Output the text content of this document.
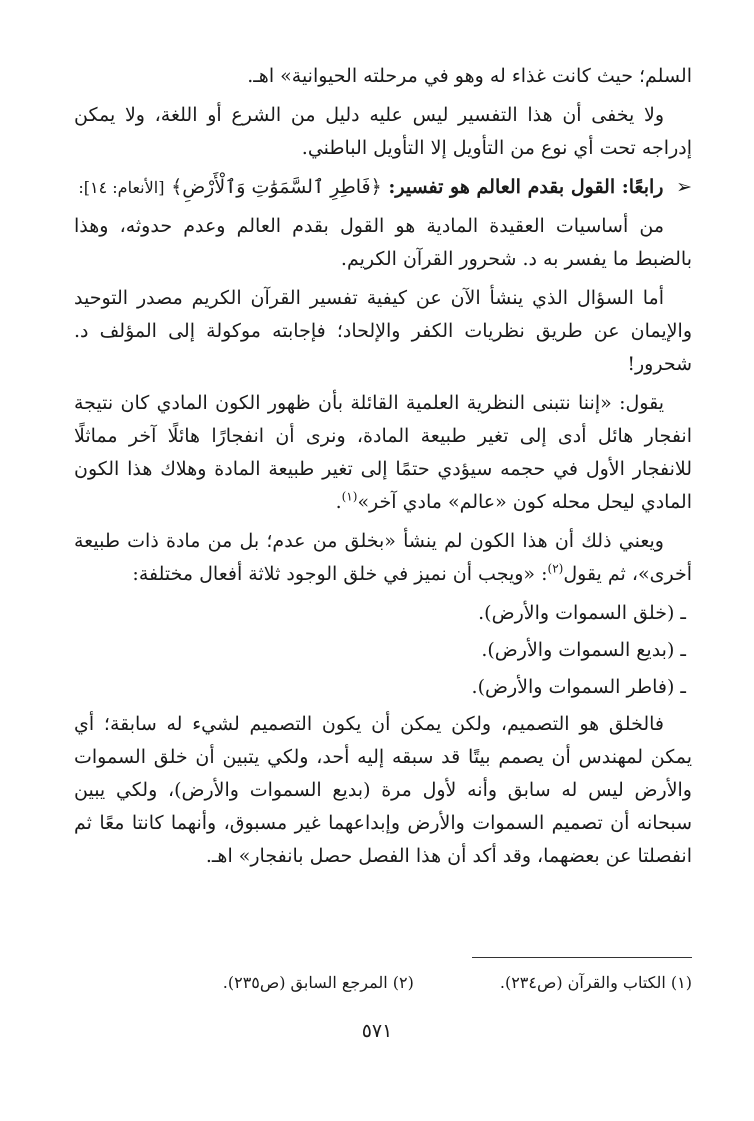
السلم؛ حيث كانت غذاء له وهو في مرحلته الحيوانية» اهـ.

ولا يخفى أن هذا التفسير ليس عليه دليل من الشرع أو اللغة، ولا يمكن إدراجه تحت أي نوع من التأويل إلا التأويل الباطني.

➢ رابعًا: القول بقدم العالم هو تفسير: ﴿فَاطِرِ ٱلسَّمَوَٰتِ وَٱلْأَرْضِ﴾ [الأنعام: ١٤]:

من أساسيات العقيدة المادية هو القول بقدم العالم وعدم حدوثه، وهذا بالضبط ما يفسر به د. شحرور القرآن الكريم.

أما السؤال الذي ينشأ الآن عن كيفية تفسير القرآن الكريم مصدر التوحيد والإيمان عن طريق نظريات الكفر والإلحاد؛ فإجابته موكولة إلى المؤلف د. شحرور!

يقول: «إننا نتبنى النظرية العلمية القائلة بأن ظهور الكون المادي كان نتيجة انفجار هائل أدى إلى تغير طبيعة المادة، ونرى أن انفجارًا هائلًا آخر مماثلًا للانفجار الأول في حجمه سيؤدي حتمًا إلى تغير طبيعة المادة وهلاك هذا الكون المادي ليحل محله كون «عالم» مادي آخر»$^{(١)}$.

ويعني ذلك أن هذا الكون لم ينشأ «بخلق من عدم؛ بل من مادة ذات طبيعة أخرى»، ثم يقول$^{(٢)}$: «ويجب أن نميز في خلق الوجود ثلاثة أفعال مختلفة:

ـ (خلق السموات والأرض).

ـ (بديع السموات والأرض).

ـ (فاطر السموات والأرض).

فالخلق هو التصميم، ولكن يمكن أن يكون التصميم لشيء له سابقة؛ أي يمكن لمهندس أن يصمم بيتًا قد سبقه إليه أحد، ولكي يتبين أن خلق السموات والأرض ليس له سابق وأنه لأول مرة (بديع السموات والأرض)، ولكي يبين سبحانه أن تصميم السموات والأرض وإبداعهما غير مسبوق، وأنهما كانتا معًا ثم انفصلتا عن بعضهما، وقد أكد أن هذا الفصل حصل بانفجار» اهـ.

(١) الكتاب والقرآن (ص٢٣٤).
(٢) المرجع السابق (ص٢٣٥).
٥٧١
